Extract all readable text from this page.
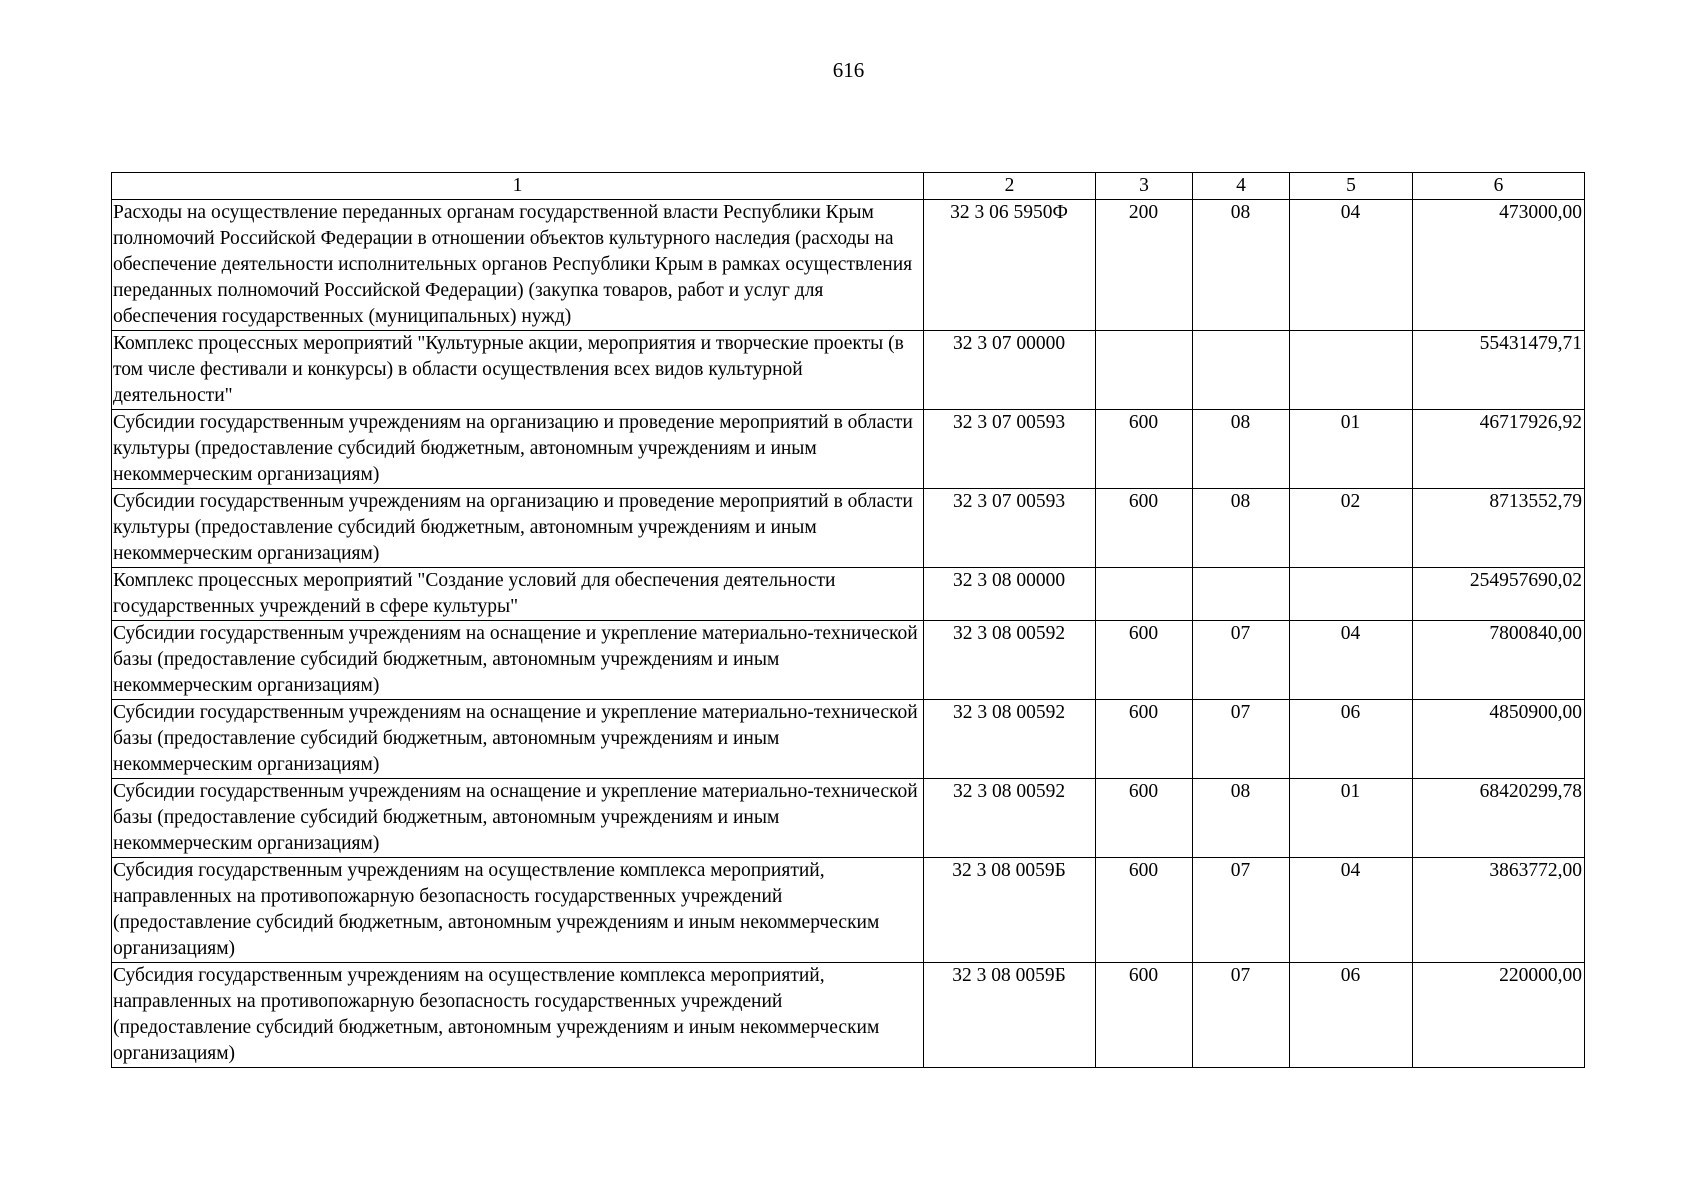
616
1	2	3	4	5	6
Расходы на осуществление переданных органам государственной власти Республики Крым полномочий Российской Федерации в отношении объектов культурного наследия (расходы на обеспечение деятельности исполнительных органов Республики Крым в рамках осуществления переданных полномочий Российской Федерации) (закупка товаров, работ и услуг для обеспечения государственных (муниципальных) нужд)	32 3 06 5950Ф	200	08	04	473000,00
Комплекс процессных мероприятий "Культурные акции, мероприятия и творческие проекты (в том числе фестивали и конкурсы) в области осуществления всех видов культурной деятельности"	32 3 07 00000				55431479,71
Субсидии государственным учреждениям на организацию и проведение мероприятий в области культуры (предоставление субсидий бюджетным, автономным учреждениям и иным некоммерческим организациям)	32 3 07 00593	600	08	01	46717926,92
Субсидии государственным учреждениям на организацию и проведение мероприятий в области культуры (предоставление субсидий бюджетным, автономным учреждениям и иным некоммерческим организациям)	32 3 07 00593	600	08	02	8713552,79
Комплекс процессных мероприятий "Создание условий для обеспечения деятельности государственных учреждений в сфере культуры"	32 3 08 00000				254957690,02
Субсидии государственным учреждениям на оснащение и укрепление материально-технической базы (предоставление субсидий бюджетным, автономным учреждениям и иным некоммерческим организациям)	32 3 08 00592	600	07	04	7800840,00
Субсидии государственным учреждениям на оснащение и укрепление материально-технической базы (предоставление субсидий бюджетным, автономным учреждениям и иным некоммерческим организациям)	32 3 08 00592	600	07	06	4850900,00
Субсидии государственным учреждениям на оснащение и укрепление материально-технической базы (предоставление субсидий бюджетным, автономным учреждениям и иным некоммерческим организациям)	32 3 08 00592	600	08	01	68420299,78
Субсидия государственным учреждениям на осуществление комплекса мероприятий, направленных на противопожарную безопасность государственных учреждений (предоставление субсидий бюджетным, автономным учреждениям и иным некоммерческим организациям)	32 3 08 0059Б	600	07	04	3863772,00
Субсидия государственным учреждениям на осуществление комплекса мероприятий, направленных на противопожарную безопасность государственных учреждений (предоставление субсидий бюджетным, автономным учреждениям и иным некоммерческим организациям)	32 3 08 0059Б	600	07	06	220000,00
